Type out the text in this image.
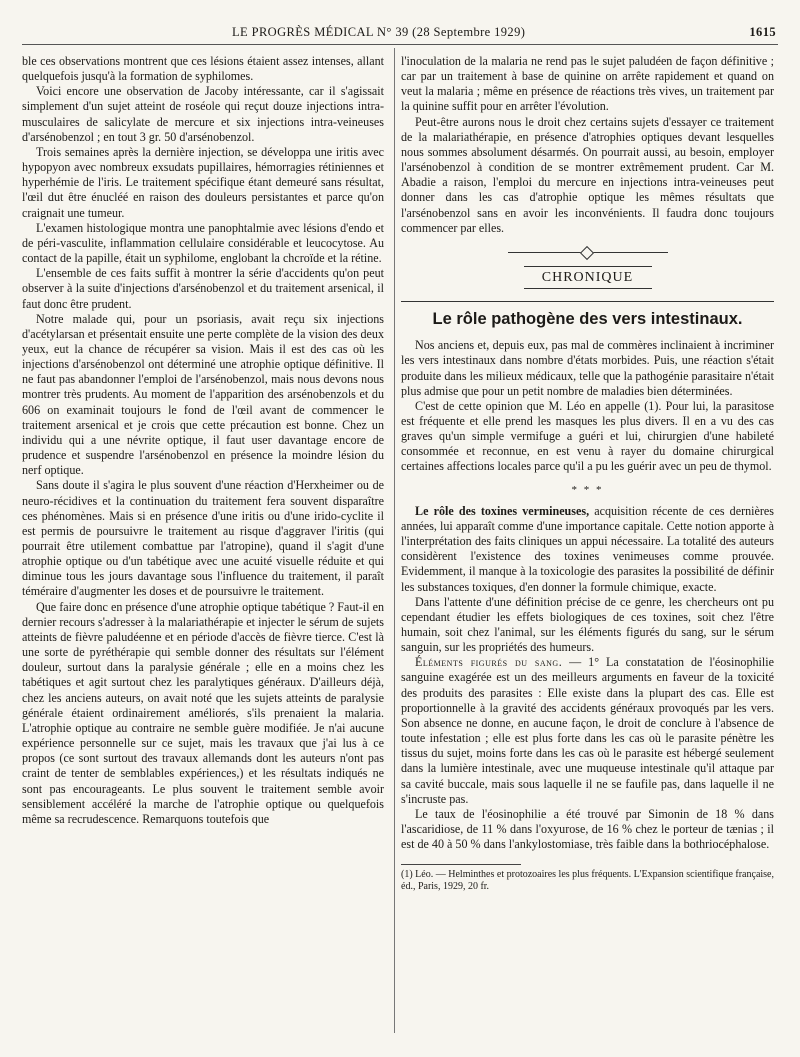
LE PROGRÈS MÉDICAL N° 39 (28 Septembre 1929)	1615

ble ces observations montrent que ces lésions étaient assez intenses, allant quelquefois jusqu'à la formation de syphilomes.

Voici encore une observation de Jacoby intéressante, car il s'agissait simplement d'un sujet atteint de roséole qui reçut douze injections intra-musculaires de salicylate de mercure et six injections intra-veineuses d'arsénobenzol ; en tout 3 gr. 50 d'arsénobenzol.

Trois semaines après la dernière injection, se développa une iritis avec hypopyon avec nombreux exsudats pupillaires, hémorragies rétiniennes et hyperhémie de l'iris. Le traitement spécifique étant demeuré sans résultat, l'œil dut être énucléé en raison des douleurs persistantes et parce qu'on craignait une tumeur.

L'examen histologique montra une panophtalmie avec lésions d'endo et de péri-vasculite, inflammation cellulaire considérable et leucocytose. Au contact de la papille, était un syphilome, englobant la chcroïde et la rétine.

L'ensemble de ces faits suffit à montrer la série d'accidents qu'on peut observer à la suite d'injections d'arsénobenzol et du traitement arsenical, il faut donc être prudent.

Notre malade qui, pour un psoriasis, avait reçu six injections d'acétylarsan et présentait ensuite une perte complète de la vision des deux yeux, eut la chance de récupérer sa vision. Mais il est des cas où les injections d'arsénobenzol ont déterminé une atrophie optique définitive. Il ne faut pas abandonner l'emploi de l'arsénobenzol, mais nous devons nous montrer très prudents. Au moment de l'apparition des arsénobenzols et du 606 on examinait toujours le fond de l'œil avant de commencer le traitement arsenical et je crois que cette précaution est bonne. Chez un individu qui a une névrite optique, il faut user davantage encore de prudence et suspendre l'arsénobenzol en présence la moindre lésion du nerf optique.

Sans doute il s'agira le plus souvent d'une réaction d'Herxheimer ou de neuro-récidives et la continuation du traitement fera souvent disparaître ces phénomènes. Mais si en présence d'une iritis ou d'une irido-cyclite il est permis de poursuivre le traitement au risque d'aggraver l'iritis (qui pourrait être utilement combattue par l'atropine), quand il s'agit d'une atrophie optique ou d'un tabétique avec une acuité visuelle réduite et qui diminue tous les jours davantage sous l'influence du traitement, il paraît téméraire d'augmenter les doses et de poursuivre le traitement.

Que faire donc en présence d'une atrophie optique tabétique ? Faut-il en dernier recours s'adresser à la malariathérapie et injecter le sérum de sujets atteints de fièvre paludéenne et en période d'accès de fièvre tierce. C'est là une sorte de pyréthérapie qui semble donner des résultats sur l'élément douleur, surtout dans la paralysie générale ; elle en a moins chez les tabétiques et agit surtout chez les paralytiques généraux. D'ailleurs déjà, chez les anciens auteurs, on avait noté que les sujets atteints de paralysie générale étaient ordinairement améliorés, s'ils prenaient la malaria. L'atrophie optique au contraire ne semble guère modifiée. Je n'ai aucune expérience personnelle sur ce sujet, mais les travaux que j'ai lus à ce propos (ce sont surtout des travaux allemands dont les auteurs n'ont pas craint de tenter de semblables expériences,) et les résultats indiqués ne sont pas encourageants. Le plus souvent le traitement semble avoir sensiblement accéléré la marche de l'atrophie optique ou quelquefois même sa recrudescence. Remarquons toutefois que

l'inoculation de la malaria ne rend pas le sujet paludéen de façon définitive ; car par un traitement à base de quinine on arrête rapidement et quand on veut la malaria ; même en présence de réactions très vives, un traitement par la quinine suffit pour en arrêter l'évolution.

Peut-être aurons nous le droit chez certains sujets d'essayer ce traitement de la malariathérapie, en présence d'atrophies optiques devant lesquelles nous sommes absolument désarmés. On pourrait aussi, au besoin, employer l'arsénobenzol à condition de se montrer extrêmement prudent. Car M. Abadie a raison, l'emploi du mercure en injections intra-veineuses peut donner dans les cas d'atrophie optique les mêmes résultats que l'arsénobenzol sans en avoir les inconvénients. Il faudra donc toujours commencer par elles.

CHRONIQUE
Le rôle pathogène des vers intestinaux.

Nos anciens et, depuis eux, pas mal de commères inclinaient à incriminer les vers intestinaux dans nombre d'états morbides. Puis, une réaction s'était produite dans les milieux médicaux, telle que la pathogénie parasitaire n'était plus admise que pour un petit nombre de maladies bien déterminées.

C'est de cette opinion que M. Léo en appelle (1). Pour lui, la parasitose est fréquente et elle prend les masques les plus divers. Il en a vu des cas graves qu'un simple vermifuge a guéri et lui, chirurgien d'une habileté consommée et reconnue, en est venu à rayer du domaine chirurgical certaines affections locales parce qu'il a pu les guérir avec un peu de thymol.

* * *

Le rôle des toxines vermineuses, acquisition récente de ces dernières années, lui apparaît comme d'une importance capitale. Cette notion apporte à l'interprétation des faits cliniques un appui nécessaire. La totalité des auteurs considèrent l'existence des toxines venimeuses comme prouvée. Evidemment, il manque à la toxicologie des parasites la possibilité de définir les substances toxiques, d'en donner la formule chimique, exacte.

Dans l'attente d'une définition précise de ce genre, les chercheurs ont pu cependant étudier les effets biologiques de ces toxines, soit chez l'être humain, soit chez l'animal, sur les éléments figurés du sang, sur le sérum sanguin, sur les propriétés des humeurs.

Éléments figurés du sang. — 1° La constatation de l'éosinophilie sanguine exagérée est un des meilleurs arguments en faveur de la toxicité des produits des parasites : Elle existe dans la plupart des cas. Elle est proportionnelle à la gravité des accidents généraux provoqués par les vers. Son absence ne donne, en aucune façon, le droit de conclure à l'absence de toute infestation ; elle est plus forte dans les cas où le parasite pénètre les tissus du sujet, moins forte dans les cas où le parasite est hébergé seulement dans la lumière intestinale, avec une muqueuse intestinale qu'il attaque par sa cavité buccale, mais sous laquelle il ne se faufile pas, dans laquelle il ne s'incruste pas.

Le taux de l'éosinophilie a été trouvé par Simonin de 18 % dans l'ascaridiose, de 11 % dans l'oxyurose, de 16 % chez le porteur de tænias ; il est de 40 à 50 % dans l'ankylostomiase, très faible dans la bothriocéphalose.

(1) Léo. — Helminthes et protozoaires les plus fréquents. L'Expansion scientifique française, éd., Paris, 1929, 20 fr.
